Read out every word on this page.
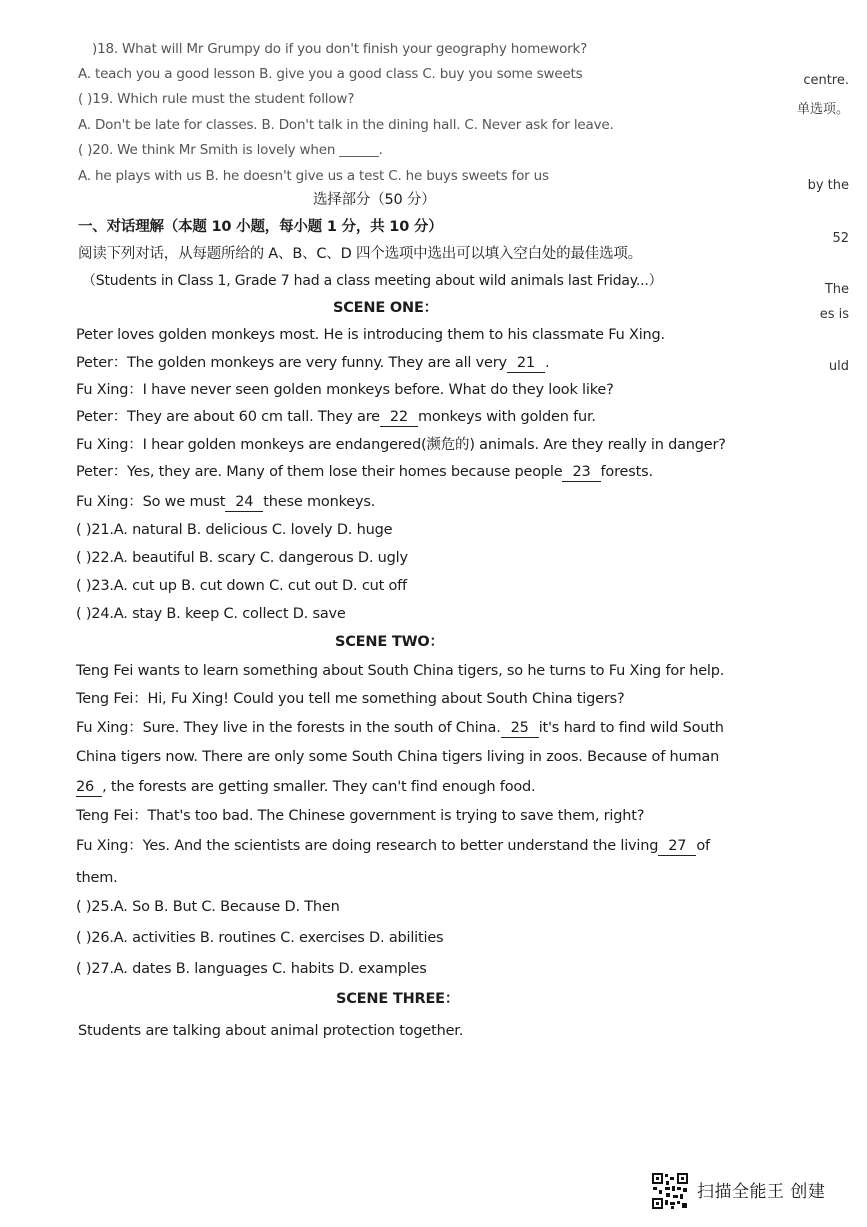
)18. What will Mr Grumpy do if you don't finish your geography homework?
A. teach you a good lesson B. give you a good class C. buy you some sweets
( )19. Which rule must the student follow?
A. Don't be late for classes. B. Don't talk in the dining hall. C. Never ask for leave.
( )20. We think Mr Smith is lovely when ______.
A. he plays with us B. he doesn't give us a test C. he buys sweets for us
选择部分（50 分）
一、对话理解（本题 10 小题，每小题 1 分，共 10 分）
阅读下列对话，从每题所给的 A、B、C、D 四个选项中选出可以填入空白处的最佳选项。
（Students in Class 1, Grade 7 had a class meeting about wild animals last Friday...）
SCENE ONE：
Peter loves golden monkeys most. He is introducing them to his classmate Fu Xing.
Peter：The golden monkeys are very funny. They are all very 21 .
Fu Xing：I have never seen golden monkeys before. What do they look like?
Peter：They are about 60 cm tall. They are 22 monkeys with golden fur.
Fu Xing：I hear golden monkeys are endangered(濒危的) animals. Are they really in danger?
Peter：Yes, they are. Many of them lose their homes because people 23 forests.
Fu Xing：So we must 24 these monkeys.
( )21.A. natural B. delicious C. lovely D. huge
( )22.A. beautiful B. scary C. dangerous D. ugly
( )23.A. cut up B. cut down C. cut out D. cut off
( )24.A. stay B. keep C. collect D. save
SCENE TWO：
Teng Fei wants to learn something about South China tigers, so he turns to Fu Xing for help.
Teng Fei：Hi, Fu Xing! Could you tell me something about South China tigers?
Fu Xing：Sure. They live in the forests in the south of China. 25 it's hard to find wild South
China tigers now. There are only some South China tigers living in zoos. Because of human
26 , the forests are getting smaller. They can't find enough food.
Teng Fei：That's too bad. The Chinese government is trying to save them, right?
Fu Xing：Yes. And the scientists are doing research to better understand the living 27 of
them.
( )25.A. So B. But C. Because D. Then
( )26.A. activities B. routines C. exercises D. abilities
( )27.A. dates B. languages C. habits D. examples
SCENE THREE：
Students are talking about animal protection together.
centre.
单选项。
by the
52
The
es is
uld
扫描全能王 创建
